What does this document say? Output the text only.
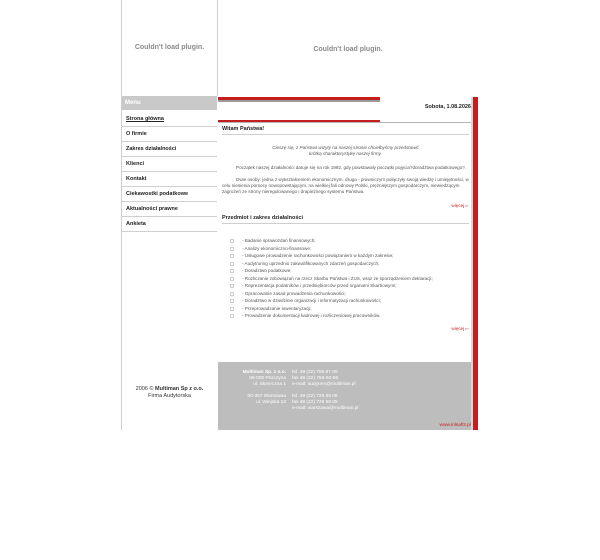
Couldn't load plugin.	Couldn't load plugin.
Menu
Strona główna
O firmie
Zakres działalności
Klienci
Kontakt
Ciekawostki podatkowe
Aktualności prawne
Ankieta
2006 © Multiman Sp z o.o.
Firma Audytorska
Sobota, 1.08.2026
Witam Państwa!
Cieszę się, z Państwa wizyty na naszej stronie chciełbyśmy przedstawić
krótką charakterystykę naszej firmy.

Początek naszej działalności datuje się na rok 1992, gdy powstawały początki pojęcia?doradztwa podatkowego?.

Dwie osoby: jedna z wykształceniem ekonomicznym, druga - prawniczym połączyły swoją wiedzę i umiejętności, w celu niesienia pomocy nowopowstającym, na wielkiej fali odnowy Polski, prężniejszym gospodarczym, niewiedzącym zagrożeń ze strony nieregulowanego i drapieżnego systemu Państwa.

więcej ▻
Przedmiot i zakres działalności
- Badanie sprawozdań finansowych;
- Analizy ekonomiczno-finansowe;
- Usługowe prowadzenie rachunkowości powiązaniem w każdym zakresie;
- Audyt/uring uprzednio zakwalifikowanych zdarzeń gospodarczych;
- Doradztwo podatkowe;
- Rozliczanie zobowiązań na rzecz Skarbu Państwa i ZUS, wraz ze sporządzeniem deklaracji;
- Reprezentacja podatników i przedsiębiorców przed organami Skarbowymi;
- Opracowanie zasad prowadzenia rachunkowości;
- Doradztwo w dziedzinie organizacji i informatyzacji rachunkowości;
- Przeprowadzanie inwentaryzacji;
- Prowadzenie dokumentacji kadrowej i rozliczeniowej pracowników.
więcej ▻
Multiman Sp. z o.o.
85-000 Pszczyna
ul. Słoneczna 1
00-357 Warszawa
ul. Wiejska 12
tel. 48 (32) 756 67 00
fax 48 (32) 756-92-86
e-mail: audytem@multiman.pl
tel. 48 (22) 729 58 08
fax 48 (22) 729 58 09
e-mail: warszawa@multiman.pl
www.inlsaftz.pl
